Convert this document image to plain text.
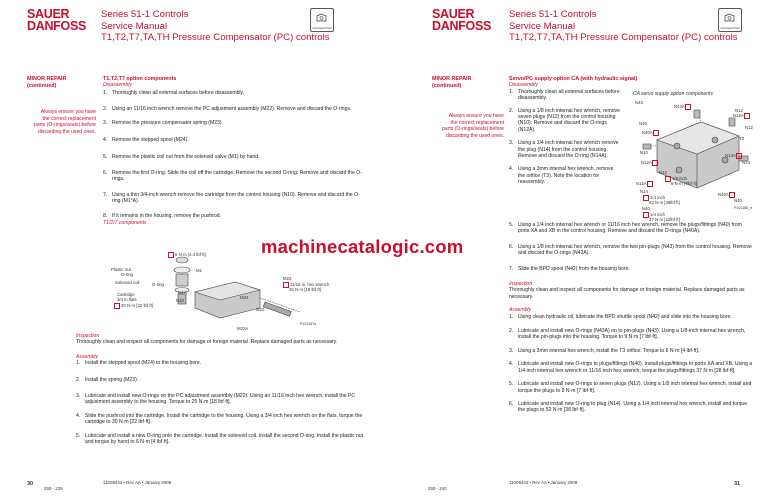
SAUER
DANFOSS
Series 51-1 Controls
Service Manual
T1,T2,T7,TA,TH Pressure Compensator (PC) controls
Generated Parts
MINOR REPAIR
(continued)
Always ensure you have
the correct replacement
parts (O-rings/seals) before
discarding the used ones.
T1,T2,T7 option components
Disassembly
1. Thoroughly clean all external surfaces before disassembly.
2. Using an 11/16 inch wrench remove the PC adjustment assembly (M22). Remove and discard the O-rings.
3. Remove the pressure compensator spring (M23).
4. Remove the stepped spool (M24).
5. Remove the plastic coil nut from the solenoid valve (M1) by hand.
6. Remove the first O-ring. Slide the coil off the cartridge. Remove the second O-ring. Remove and discard the O-rings.
7. Using a thin 3/4-inch wrench remove the cartridge from the control housing (N10). Remove and discard the O-ring (M1*A).
8. If it remains in the housing, remove the pushrod.
T1/2/7 components
6 N·m [4.4 lbf·ft]
M1
Plastic nut
O-ring
Solenoid coil	O-ring
M1A
Cartridge
3/4 in flats
30 N·m [22 lbf·ft]
N10
M22
11/16 in. hex wrench
25 N·m [18 lbf·ft]
M24
M23
M22A
P101187a
Inspection
Thoroughly clean and inspect all components for damage or foreign material. Replace damaged parts as necessary.
Assembly
1. Install the stepped spool (M24) to the housing bore.
2. Install the spring (M23).
3. Lubricate and install new O-rings on the PC adjustment assembly (M22). Using an 11/16 inch hex wrench, install the PC adjustment assembly to the housing. Torque to 25 N·m [18 lbf·ft].
4. Slide the pushrod into the cartridge. Install the cartridge to the housing. Using a 3/4 inch hex wrench on the flats, torque the cartridge to 30 N·m [22 lbf·ft].
5. Lubricate and install a new O-ring onto the cartridge. Install the solenoid coil. Install the second O-ring. Install the plastic nut and torque by hand to 6 N·m [4 lbf·ft].
30
250 - 239
11009443 • Rev AA • January 2008
machinecatalogic.com
SAUER
DANFOSS
Series 51-1 Controls
Service Manual
T1,T2,T7,TA,TH Pressure Compensator (PC) controls
Generated Parts
MINOR REPAIR
(continued)
Always ensure you have
the correct replacement
parts (O-rings/seals) before
discarding the used ones.
Servo/PC supply option CA (with hydraulic signal)
Disassembly
1. Thoroughly clean all external surfaces before disassembly.
2. Using a 1/8 inch internal hex wrench, remove seven plugs (N12) from the control housing (N10). Remove and discard the O-rings (N12A).
3. Using a 1/4 inch internal hex wrench remove the plug (N14) from the control housing. Remove and discard the O-ring (N14A).
4. Using a 3mm internal hex wrench, remove the orifice (T3). Note the location for reassembly.
CA servo supply option components
N43
N43A
N12
N12A
N40
N40A
N12
T3
N10
N12A
N14A
N14
N12
1/8 inch
9 N·m [7lbf·ft]
N12A
N14
1/4 inch
52 N·m [38lbf·ft]
N40A
N40
N40
1/4 inch
37 N·m [22lbf·ft]
P101186_e
5. Using a 1/4 inch internal hex wrench or 11/16 inch hex wrench, remove the plugs/fittings (N40) from ports XA and XB in the control housing. Remove and discard the O-rings (N40A).
6. Using a 1/8 inch internal hex wrench, remove the two pin-plugs (N43) from the control housing. Remove and discard the O-rings (N43A).
7. Slide the BPD spool (N42) from the housing bore.
Inspection
Thoroughly clean and inspect all components for damage or foreign material. Replace damaged parts as necessary.
Assembly
1. Using clean hydraulic oil, lubricate the BPD shuttle spool (N42) and slide into the housing bore.
2. Lubricate and install new O-rings (N43A) on to pin-plugs (N43). Using a 1/8-inch internal hex wrench, install the pin-plugs into the housing. Torque to 9 N·m [7 lbf·ft].
3. Using a 3mm internal hex wrench, install the T3 orifice. Torque to 6 N·m [4 lbf·ft].
4. Lubricate and install new O-rings to plugs/fittings (N40). Install plugs/fittings to ports XA and XB. Using a 1/4 inch internal hex wrench or 11/16 inch hex wrench, torque the plugs/fittings 37 N·m [28 lbf·ft].
5. Lubricate and install new O-rings to seven plugs (N12). Using a 1/8 inch internal hex wrench, install and torque the plugs to 9 N·m [7 lbf·ft].
6. Lubricate and install new O-ring to plug (N14). Using a 1/4 inch internal hex wrench, install and torque the plugs to 52 N·m [38 lbf·ft].
31
250 - 240
11009443 • Rev AA • January 2008
